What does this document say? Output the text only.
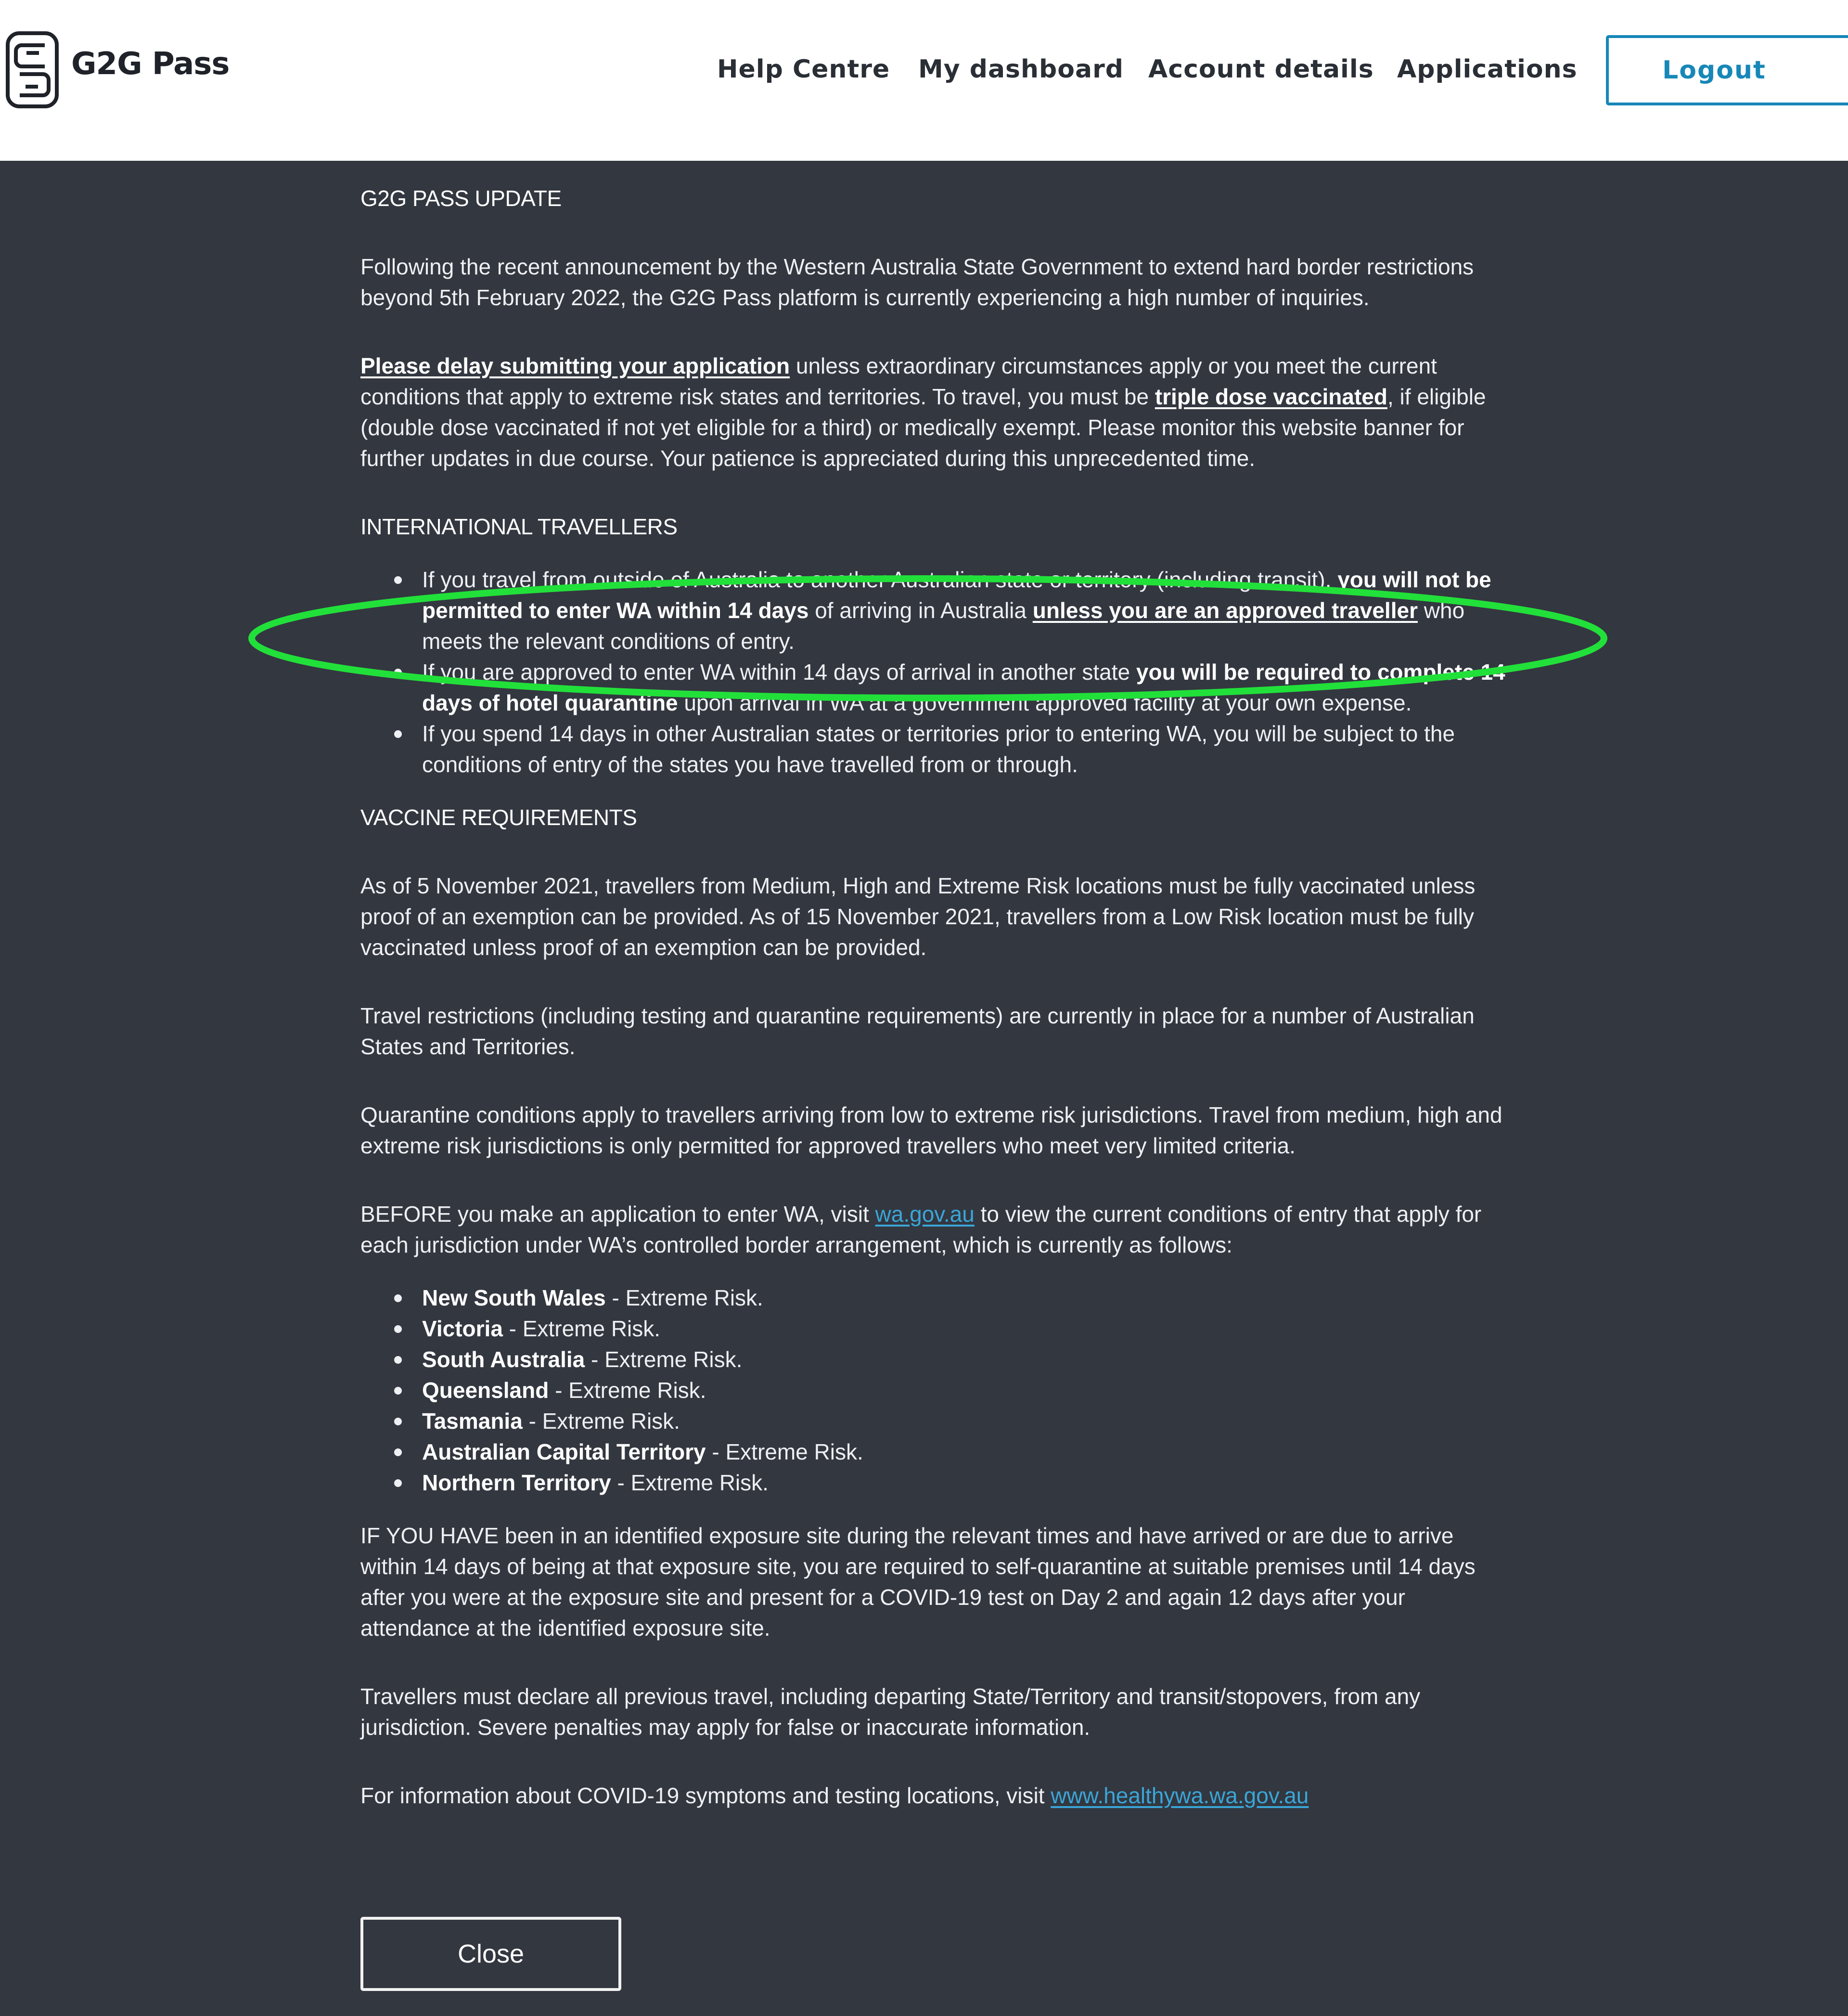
G2G Pass	Help Centre My dashboard Account details Applications	Logout

G2G PASS UPDATE

Following the recent announcement by the Western Australia State Government to extend hard border restrictions beyond 5th February 2022, the G2G Pass platform is currently experiencing a high number of inquiries.

Please delay submitting your application unless extraordinary circumstances apply or you meet the current conditions that apply to extreme risk states and territories. To travel, you must be triple dose vaccinated, if eligible (double dose vaccinated if not yet eligible for a third) or medically exempt. Please monitor this website banner for further updates in due course. Your patience is appreciated during this unprecedented time.

INTERNATIONAL TRAVELLERS

If you travel from outside of Australia to another Australian state or territory (including transit), you will not be permitted to enter WA within 14 days of arriving in Australia unless you are an approved traveller who meets the relevant conditions of entry.
If you are approved to enter WA within 14 days of arrival in another state you will be required to complete 14 days of hotel quarantine upon arrival in WA at a government approved facility at your own expense.
If you spend 14 days in other Australian states or territories prior to entering WA, you will be subject to the conditions of entry of the states you have travelled from or through.

VACCINE REQUIREMENTS

As of 5 November 2021, travellers from Medium, High and Extreme Risk locations must be fully vaccinated unless proof of an exemption can be provided. As of 15 November 2021, travellers from a Low Risk location must be fully vaccinated unless proof of an exemption can be provided.

Travel restrictions (including testing and quarantine requirements) are currently in place for a number of Australian States and Territories.

Quarantine conditions apply to travellers arriving from low to extreme risk jurisdictions. Travel from medium, high and extreme risk jurisdictions is only permitted for approved travellers who meet very limited criteria.

BEFORE you make an application to enter WA, visit wa.gov.au to view the current conditions of entry that apply for each jurisdiction under WA’s controlled border arrangement, which is currently as follows:

New South Wales - Extreme Risk.
Victoria - Extreme Risk.
South Australia - Extreme Risk.
Queensland - Extreme Risk.
Tasmania - Extreme Risk.
Australian Capital Territory - Extreme Risk.
Northern Territory - Extreme Risk.

IF YOU HAVE been in an identified exposure site during the relevant times and have arrived or are due to arrive within 14 days of being at that exposure site, you are required to self-quarantine at suitable premises until 14 days after you were at the exposure site and present for a COVID-19 test on Day 2 and again 12 days after your attendance at the identified exposure site.

Travellers must declare all previous travel, including departing State/Territory and transit/stopovers, from any jurisdiction. Severe penalties may apply for false or inaccurate information.

For information about COVID-19 symptoms and testing locations, visit www.healthywa.wa.gov.au

Close
